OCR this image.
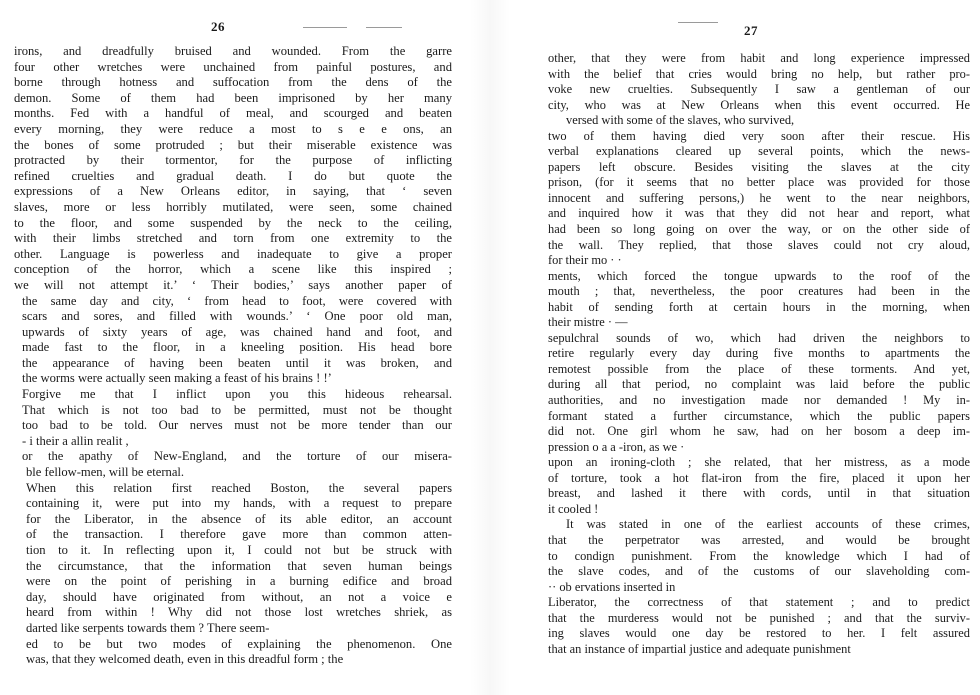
26
irons, and dreadfully bruised and wounded. From the garre
four other wretches were unchained from painful postures, and
borne through hotness and suffocation from the dens of the
demon. Some of them had been imprisoned by her many
months. Fed with a handful of meal, and scourged and beaten
every morning, they were reduce a most to s e e ons, an
the bones of some protruded ; but their miserable existence was
protracted by their tormentor, for the purpose of inflicting
refined cruelties and gradual death. I do but quote the
expressions of a New Orleans editor, in saying, that ‘ seven
slaves, more or less horribly mutilated, were seen, some chained
to the floor, and some suspended by the neck to the ceiling,
with their limbs stretched and torn from one extremity to the
other. Language is powerless and inadequate to give a proper
conception of the horror, which a scene like this inspired ;
we will not attempt it.’ ‘ Their bodies,’ says another paper of
the same day and city, ‘ from head to foot, were covered with
scars and sores, and filled with wounds.’ ‘ One poor old man,
upwards of sixty years of age, was chained hand and foot, and
made fast to the floor, in a kneeling position. His head bore
the appearance of having been beaten until it was broken, and
the worms were actually seen making a feast of his brains ! !’
Forgive me that I inflict upon you this hideous rehearsal.
That which is not too bad to be permitted, must not be thought
too bad to be told. Our nerves must not be more tender than our
- i their a allin realit ,
or the apathy of New-England, and the torture of our misera-
ble fellow-men, will be eternal.
When this relation first reached Boston, the several papers
containing it, were put into my hands, with a request to prepare
for the Liberator, in the absence of its able editor, an account
of the transaction. I therefore gave more than common atten-
tion to it. In reflecting upon it, I could not but be struck with
the circumstance, that the information that seven human beings
were on the point of perishing in a burning edifice and broad
day, should have originated from without, an not a voice e
heard from within ! Why did not those lost wretches shriek, as
darted like serpents towards them ? There seem-
ed to be but two modes of explaining the phenomenon. One
was, that they welcomed death, even in this dreadful form ; the
27
other, that they were from habit and long experience impressed
with the belief that cries would bring no help, but rather pro-
voke new cruelties. Subsequently I saw a gentleman of our
city, who was at New Orleans when this event occurred. He
versed with some of the slaves, who survived,
two of them having died very soon after their rescue. His
verbal explanations cleared up several points, which the news-
papers left obscure. Besides visiting the slaves at the city
prison, (for it seems that no better place was provided for those
innocent and suffering persons,) he went to the near neighbors,
and inquired how it was that they did not hear and report, what
had been so long going on over the way, or on the other side of
the wall. They replied, that those slaves could not cry aloud,
for their mo · ·
ments, which forced the tongue upwards to the roof of the
mouth ; that, nevertheless, the poor creatures had been in the
habit of sending forth at certain hours in the morning, when
their mistre · —
sepulchral sounds of wo, which had driven the neighbors to
retire regularly every day during five months to apartments the
remotest possible from the place of these torments. And yet,
during all that period, no complaint was laid before the public
authorities, and no investigation made nor demanded ! My in-
formant stated a further circumstance, which the public papers
did not. One girl whom he saw, had on her bosom a deep im-
pression o a a -iron, as we ·
upon an ironing-cloth ; she related, that her mistress, as a mode
of torture, took a hot flat-iron from the fire, placed it upon her
breast, and lashed it there with cords, until in that situation
it cooled !
It was stated in one of the earliest accounts of these crimes,
that the perpetrator was arrested, and would be brought
to condign punishment. From the knowledge which I had of
the slave codes, and of the customs of our slaveholding com-
·· ob ervations inserted in
Liberator, the correctness of that statement ; and to predict
that the murderess would not be punished ; and that the surviv-
ing slaves would one day be restored to her. I felt assured
that an instance of impartial justice and adequate punishment
